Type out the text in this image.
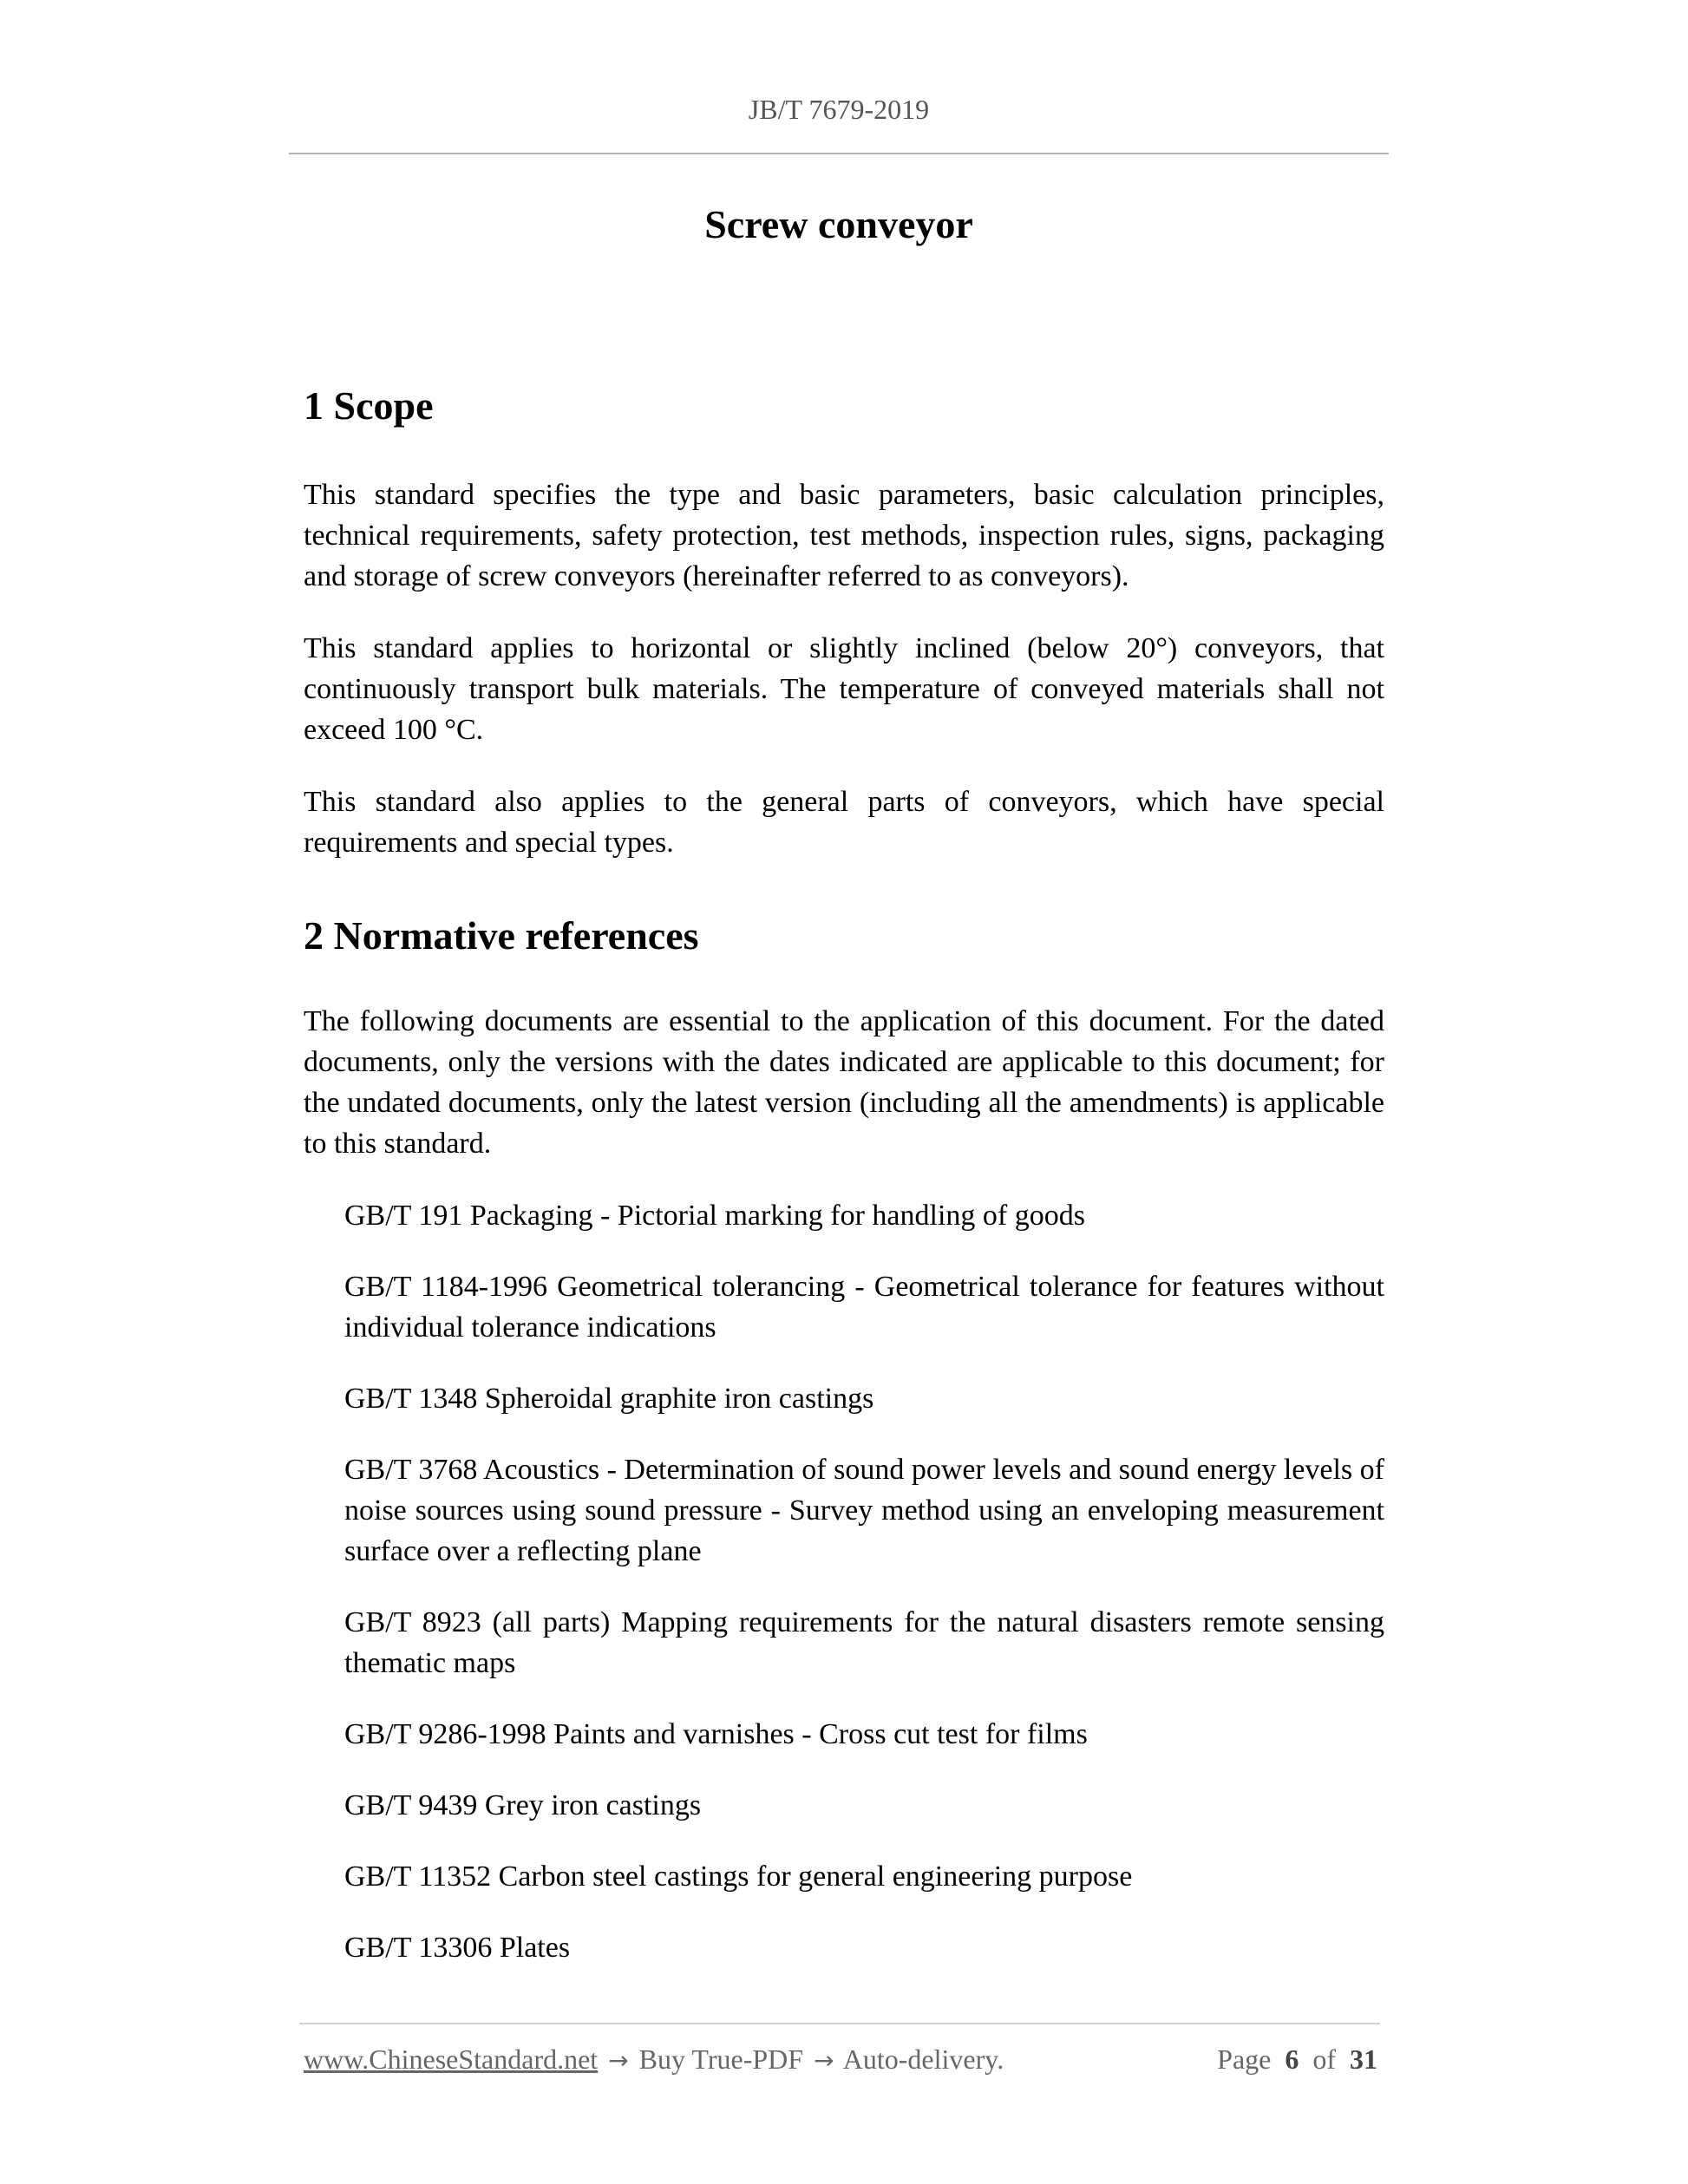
JB/T 7679-2019
Screw conveyor
1 Scope

This standard specifies the type and basic parameters, basic calculation principles, technical requirements, safety protection, test methods, inspection rules, signs, packaging and storage of screw conveyors (hereinafter referred to as conveyors).

This standard applies to horizontal or slightly inclined (below 20°) conveyors, that continuously transport bulk materials. The temperature of conveyed materials shall not exceed 100 °C.

This standard also applies to the general parts of conveyors, which have special requirements and special types.

2 Normative references

The following documents are essential to the application of this document. For the dated documents, only the versions with the dates indicated are applicable to this document; for the undated documents, only the latest version (including all the amendments) is applicable to this standard.

GB/T 191 Packaging - Pictorial marking for handling of goods
GB/T 1184-1996 Geometrical tolerancing - Geometrical tolerance for features without individual tolerance indications
GB/T 1348 Spheroidal graphite iron castings
GB/T 3768 Acoustics - Determination of sound power levels and sound energy levels of noise sources using sound pressure - Survey method using an enveloping measurement surface over a reflecting plane
GB/T 8923 (all parts) Mapping requirements for the natural disasters remote sensing thematic maps
GB/T 9286-1998 Paints and varnishes - Cross cut test for films
GB/T 9439 Grey iron castings
GB/T 11352 Carbon steel castings for general engineering purpose
GB/T 13306 Plates
www.ChineseStandard.net → Buy True-PDF → Auto-delivery.	Page 6 of 31
